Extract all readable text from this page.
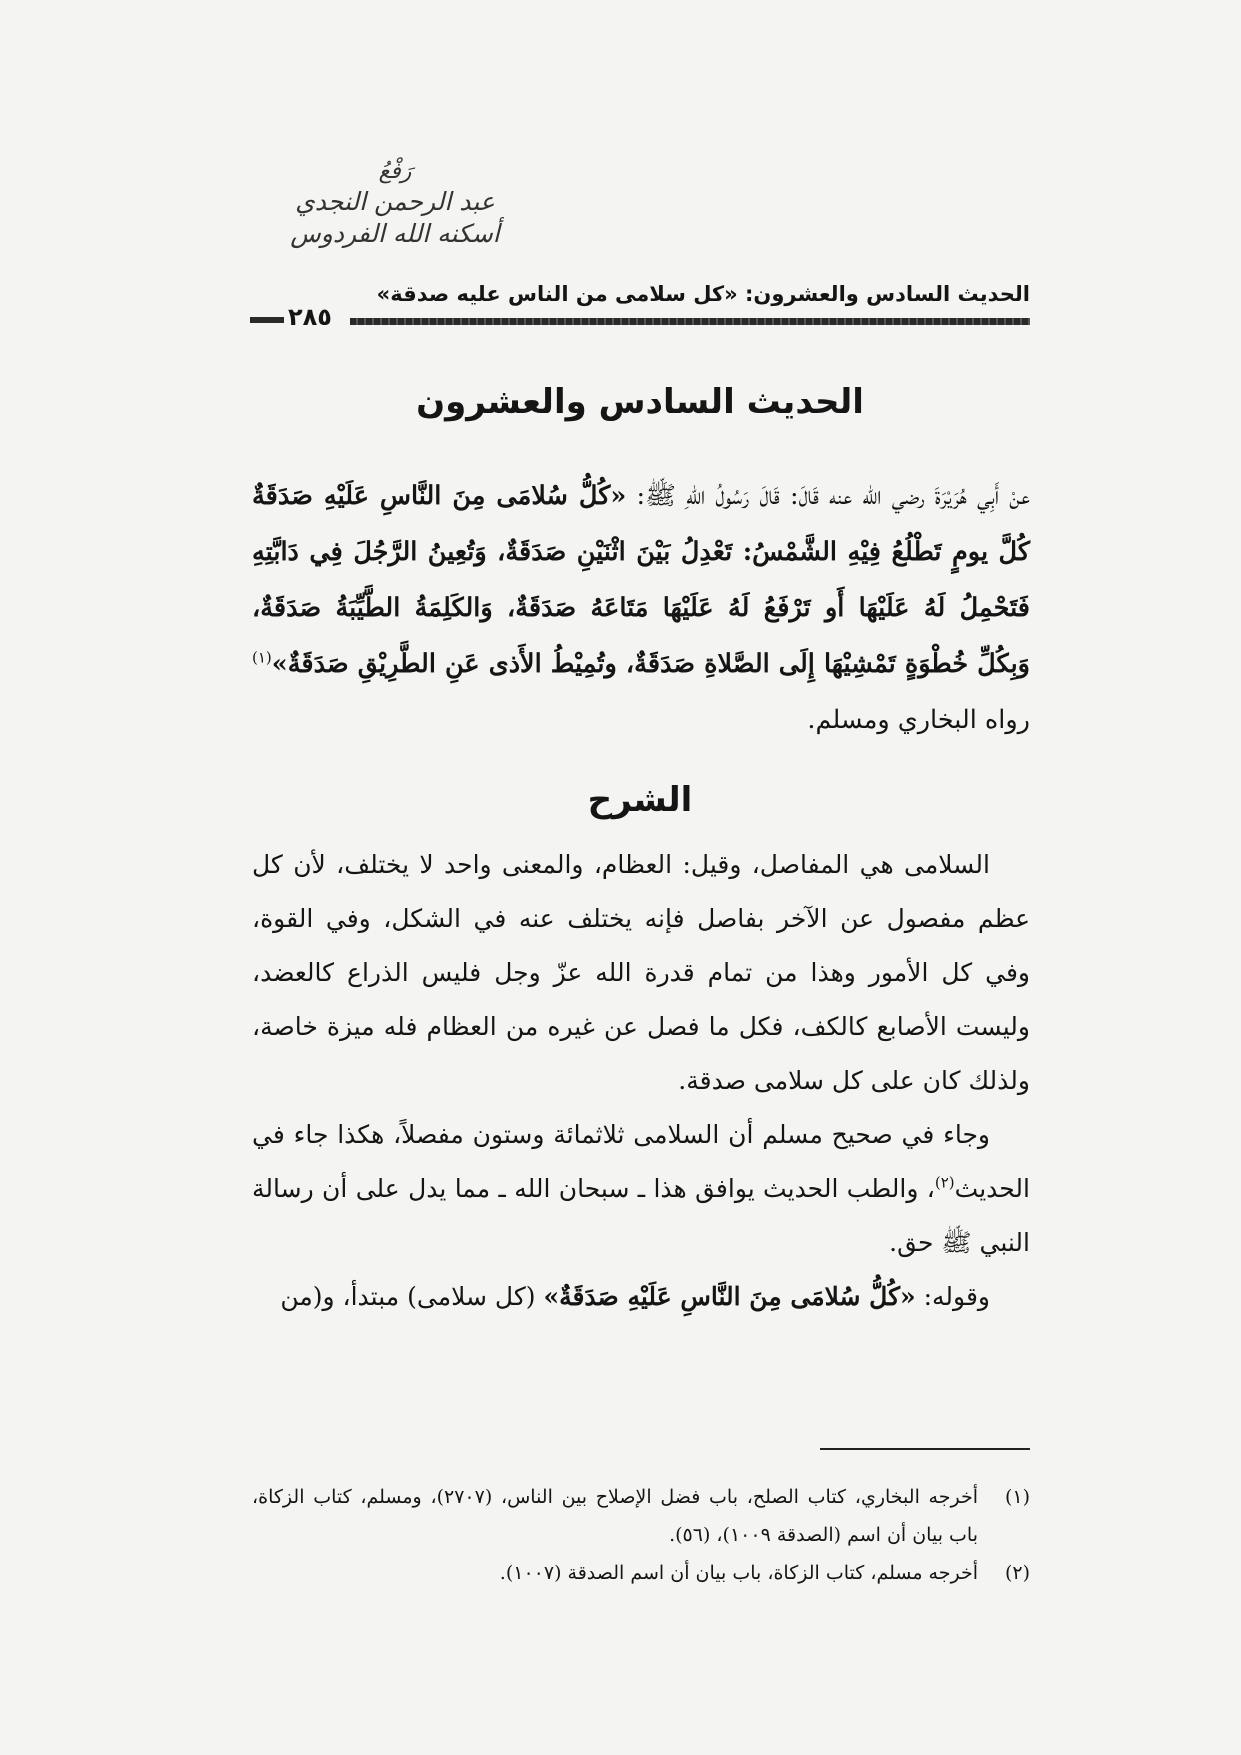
رَفْعُ
عبد الرحمن النجدي
أسكنه الله الفردوس
الحديث السادس والعشرون: «كل سلامى من الناس عليه صدقة»
٢٨٥
الحديث السادس والعشرون
عنْ أَبِي هُرَيْرَةَ رضي الله عنه قَالَ: قَالَ رَسُولُ اللهِ ﷺ: «كُلُّ سُلامَى مِنَ النَّاسِ عَلَيْهِ صَدَقَةٌ كُلَّ يومٍ تَطْلُعُ فِيْهِ الشَّمْسُ: تَعْدِلُ بَيْنَ اثْنَيْنِ صَدَقَةٌ، وَتُعِينُ الرَّجُلَ فِي دَابَّتِهِ فَتَحْمِلُ لَهُ عَلَيْهَا أَو تَرْفَعُ لَهُ عَلَيْهَا مَتَاعَهُ صَدَقَةٌ، وَالكَلِمَةُ الطَّيِّبَةُ صَدَقَةٌ، وَبِكُلِّ خُطْوَةٍ تَمْشِيْهَا إِلَى الصَّلاةِ صَدَقَةٌ، وتُمِيْطُ الأَذى عَنِ الطَّرِيْقِ صَدَقَةٌ»$^{(١)}$ رواه البخاري ومسلم.
الشرح

السلامى هي المفاصل، وقيل: العظام، والمعنى واحد لا يختلف، لأن كل عظم مفصول عن الآخر بفاصل فإنه يختلف عنه في الشكل، وفي القوة، وفي كل الأمور وهذا من تمام قدرة الله عزّ وجل فليس الذراع كالعضد، وليست الأصابع كالكف، فكل ما فصل عن غيره من العظام فله ميزة خاصة، ولذلك كان على كل سلامى صدقة.

وجاء في صحيح مسلم أن السلامى ثلاثمائة وستون مفصلاً، هكذا جاء في الحديث$^{(٢)}$، والطب الحديث يوافق هذا ـ سبحان الله ـ مما يدل على أن رسالة النبي ﷺ حق.

وقوله: «كُلُّ سُلامَى مِنَ النَّاسِ عَلَيْهِ صَدَقَةٌ» (كل سلامى) مبتدأ، و(من

(١)
أخرجه البخاري، كتاب الصلح، باب فضل الإصلاح بين الناس، (٢٧٠٧)، ومسلم، كتاب الزكاة، باب بيان أن اسم (الصدقة ١٠٠٩)، (٥٦).
(٢)
أخرجه مسلم، كتاب الزكاة، باب بيان أن اسم الصدقة (١٠٠٧).
